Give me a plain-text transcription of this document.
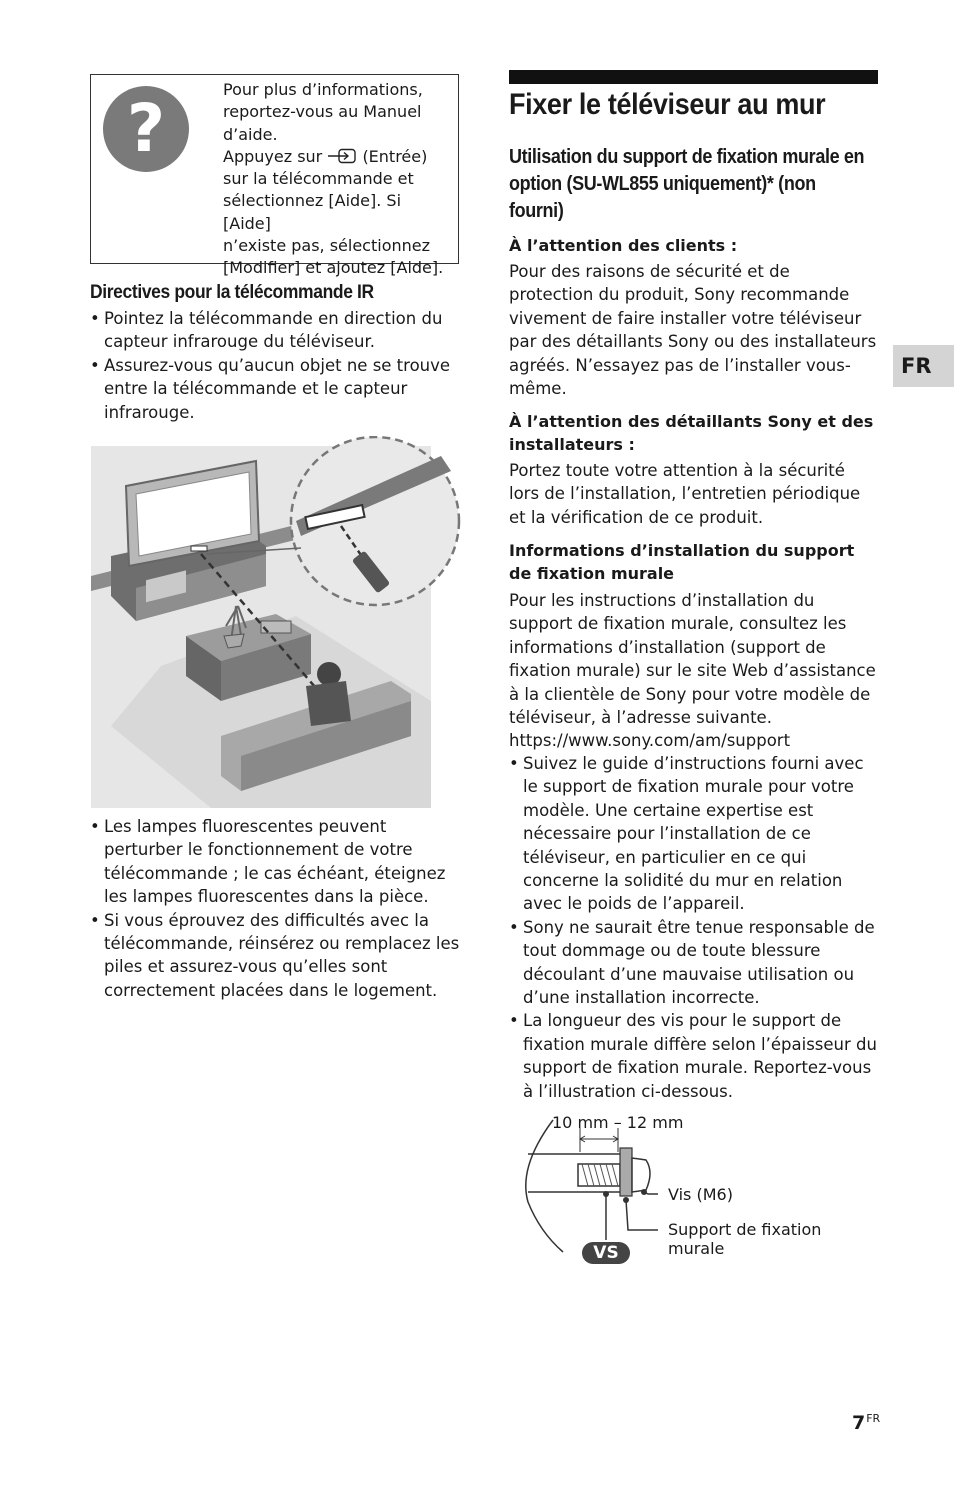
?
Pour plus d’informations,
reportez-vous au Manuel
d’aide.
Appuyez sur	(Entrée)
sur la télécommande et
sélectionnez [Aide]. Si [Aide]
n’existe pas, sélectionnez
[Modifier] et ajoutez [Aide].
Directives pour la télécommande IR
• Pointez la télécommande en direction du capteur infrarouge du téléviseur.
• Assurez-vous qu’aucun objet ne se trouve entre la télécommande et le capteur infrarouge.
• Les lampes fluorescentes peuvent perturber le fonctionnement de votre télécommande ; le cas échéant, éteignez les lampes fluorescentes dans la pièce.
• Si vous éprouvez des difficultés avec la télécommande, réinsérez ou remplacez les piles et assurez-vous qu’elles sont correctement placées dans le logement.
Fixer le téléviseur au mur
Utilisation du support de fixation murale en option (SU-WL855 uniquement)* (non fourni)
À l’attention des clients :
Pour des raisons de sécurité et de protection du produit, Sony recommande vivement de faire installer votre téléviseur par des détaillants Sony ou des installateurs agréés. N’essayez pas de l’installer vous-même.
À l’attention des détaillants Sony et des installateurs :
Portez toute votre attention à la sécurité lors de l’installation, l’entretien périodique et la vérification de ce produit.
Informations d’installation du support de fixation murale
Pour les instructions d’installation du support de fixation murale, consultez les informations d’installation (support de fixation murale) sur le site Web d’assistance à la clientèle de Sony pour votre modèle de téléviseur, à l’adresse suivante.
https://www.sony.com/am/support
• Suivez le guide d’instructions fourni avec le support de fixation murale pour votre modèle. Une certaine expertise est nécessaire pour l’installation de ce téléviseur, en particulier en ce qui concerne la solidité du mur en relation avec le poids de l’appareil.
• Sony ne saurait être tenue responsable de tout dommage ou de toute blessure découlant d’une mauvaise utilisation ou d’une installation incorrecte.
• La longueur des vis pour le support de fixation murale diffère selon l’épaisseur du support de fixation murale. Reportez-vous à l’illustration ci-dessous.
10 mm – 12 mm
Vis (M6)
Support de fixation
murale
VS
FR
$7^{FR}$
